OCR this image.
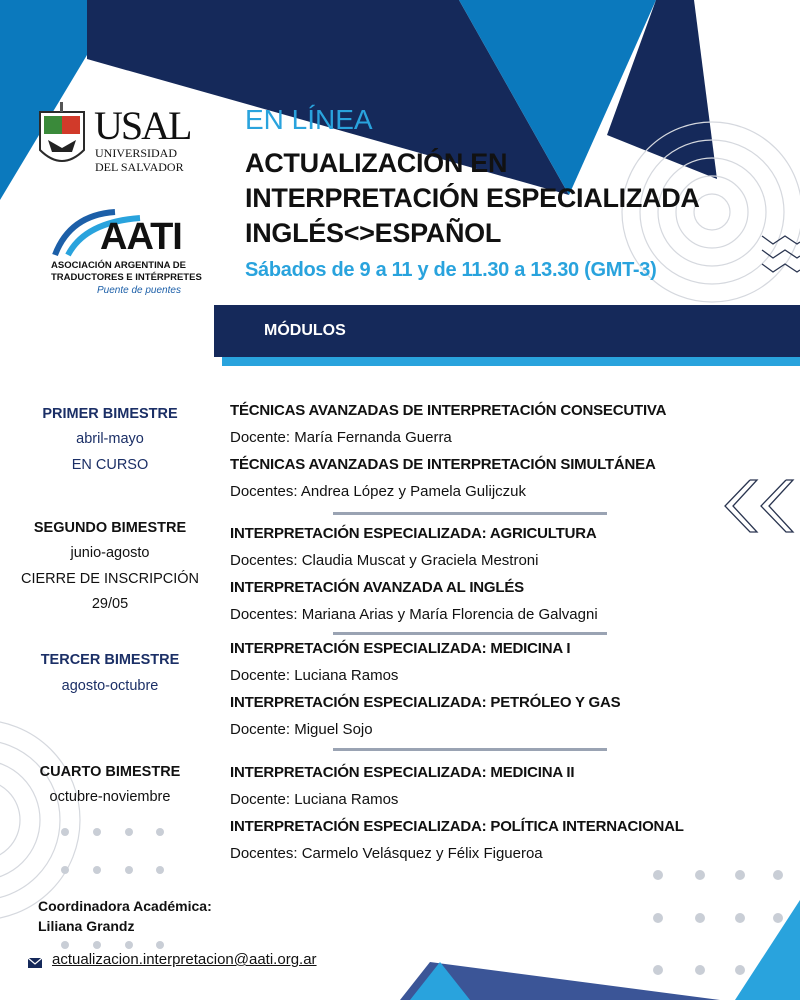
USAL
UNIVERSIDAD
DEL SALVADOR
AATI
ASOCIACIÓN ARGENTINA DE
TRADUCTORES E INTÉRPRETES
Puente de puentes
EN LÍNEA
ACTUALIZACIÓN EN
INTERPRETACIÓN ESPECIALIZADA
INGLÉS<>ESPAÑOL
Sábados de 9 a 11 y de 11.30 a 13.30 (GMT-3)
MÓDULOS
PRIMER BIMESTRE
abril-mayo
EN CURSO
TÉCNICAS AVANZADAS DE INTERPRETACIÓN CONSECUTIVA
Docente: María Fernanda Guerra
TÉCNICAS AVANZADAS DE INTERPRETACIÓN SIMULTÁNEA
Docentes: Andrea López y Pamela Gulijczuk
SEGUNDO BIMESTRE
junio-agosto
CIERRE DE INSCRIPCIÓN
29/05
INTERPRETACIÓN ESPECIALIZADA: AGRICULTURA
Docentes: Claudia Muscat y Graciela Mestroni
INTERPRETACIÓN AVANZADA AL INGLÉS
Docentes: Mariana Arias y María Florencia de Galvagni
TERCER BIMESTRE
agosto-octubre
INTERPRETACIÓN ESPECIALIZADA: MEDICINA I
Docente: Luciana Ramos
INTERPRETACIÓN ESPECIALIZADA: PETRÓLEO Y GAS
Docente: Miguel Sojo
CUARTO BIMESTRE
octubre-noviembre
INTERPRETACIÓN ESPECIALIZADA: MEDICINA II
Docente: Luciana Ramos
INTERPRETACIÓN ESPECIALIZADA: POLÍTICA INTERNACIONAL
Docentes: Carmelo Velásquez y Félix Figueroa
Coordinadora Académica:
Liliana Grandz
actualizacion.interpretacion@aati.org.ar
